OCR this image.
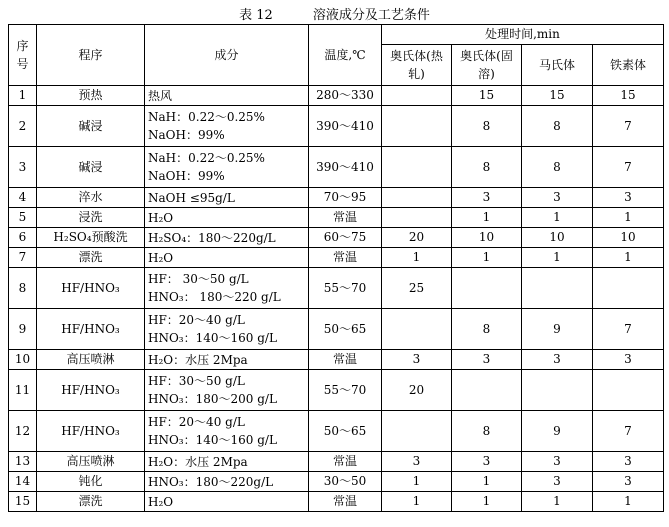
表 12	溶液成分及工艺条件
序号	程序	成分	温度,℃	处理时间,min			
				奥氏体(热轧)	奥氏体(固溶)	马氏体	铁素体
1	预热	热风	280～330		15	15	15
2	碱浸	NaH：0.22～0.25%
NaOH：99%	390～410		8	8	7
3	碱浸	NaH：0.22～0.25%
NaOH：99%	390～410		8	8	7
4	淬水	NaOH ≤95g/L	70～95		3	3	3
5	浸洗	H₂O	常温		1	1	1
6	H₂SO₄预酸洗	H₂SO₄：180～220g/L	60～75	20	10	10	10
7	漂洗	H₂O	常温	1	1	1	1
8	HF/HNO₃	HF： 30～50 g/L
HNO₃： 180～220 g/L	55～70	25			
9	HF/HNO₃	HF：20～40 g/L
HNO₃：140～160 g/L	50～65		8	9	7
10	高压喷淋	H₂O：水压 2Mpa	常温	3	3	3	3
11	HF/HNO₃	HF：30～50 g/L
HNO₃：180～200 g/L	55～70	20			
12	HF/HNO₃	HF：20～40 g/L
HNO₃：140～160 g/L	50～65		8	9	7
13	高压喷淋	H₂O：水压 2Mpa	常温	3	3	3	3
14	钝化	HNO₃：180～220g/L	30～50	1	1	3	3
15	漂洗	H₂O	常温	1	1	1	1
